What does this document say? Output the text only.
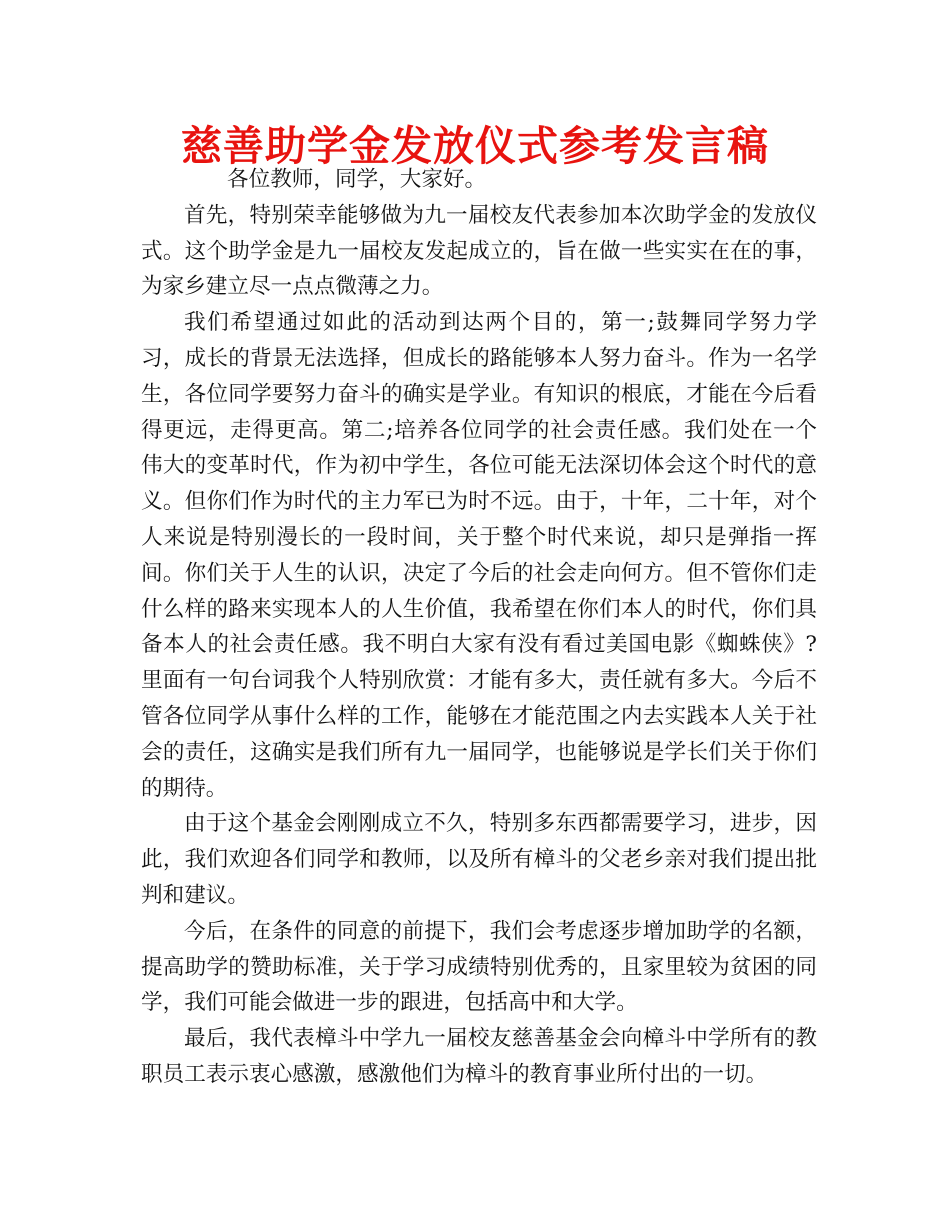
慈善助学金发放仪式参考发言稿

各位教师，同学，大家好。

首先，特别荣幸能够做为九一届校友代表参加本次助学金的发放仪式。这个助学金是九一届校友发起成立的，旨在做一些实实在在的事，为家乡建立尽一点点微薄之力。

我们希望通过如此的活动到达两个目的，第一;鼓舞同学努力学习，成长的背景无法选择，但成长的路能够本人努力奋斗。作为一名学生，各位同学要努力奋斗的确实是学业。有知识的根底，才能在今后看得更远，走得更高。第二;培养各位同学的社会责任感。我们处在一个伟大的变革时代，作为初中学生，各位可能无法深切体会这个时代的意义。但你们作为时代的主力军已为时不远。由于，十年，二十年，对个人来说是特别漫长的一段时间，关于整个时代来说，却只是弹指一挥间。你们关于人生的认识，决定了今后的社会走向何方。但不管你们走什么样的路来实现本人的人生价值，我希望在你们本人的时代，你们具备本人的社会责任感。我不明白大家有没有看过美国电影《蜘蛛侠》?里面有一句台词我个人特别欣赏：才能有多大，责任就有多大。今后不管各位同学从事什么样的工作，能够在才能范围之内去实践本人关于社会的责任，这确实是我们所有九一届同学，也能够说是学长们关于你们的期待。

由于这个基金会刚刚成立不久，特别多东西都需要学习，进步，因此，我们欢迎各们同学和教师，以及所有樟斗的父老乡亲对我们提出批判和建议。

今后，在条件的同意的前提下，我们会考虑逐步增加助学的名额，提高助学的赞助标准，关于学习成绩特别优秀的，且家里较为贫困的同学，我们可能会做进一步的跟进，包括高中和大学。

最后，我代表樟斗中学九一届校友慈善基金会向樟斗中学所有的教职员工表示衷心感激，感激他们为樟斗的教育事业所付出的一切。
